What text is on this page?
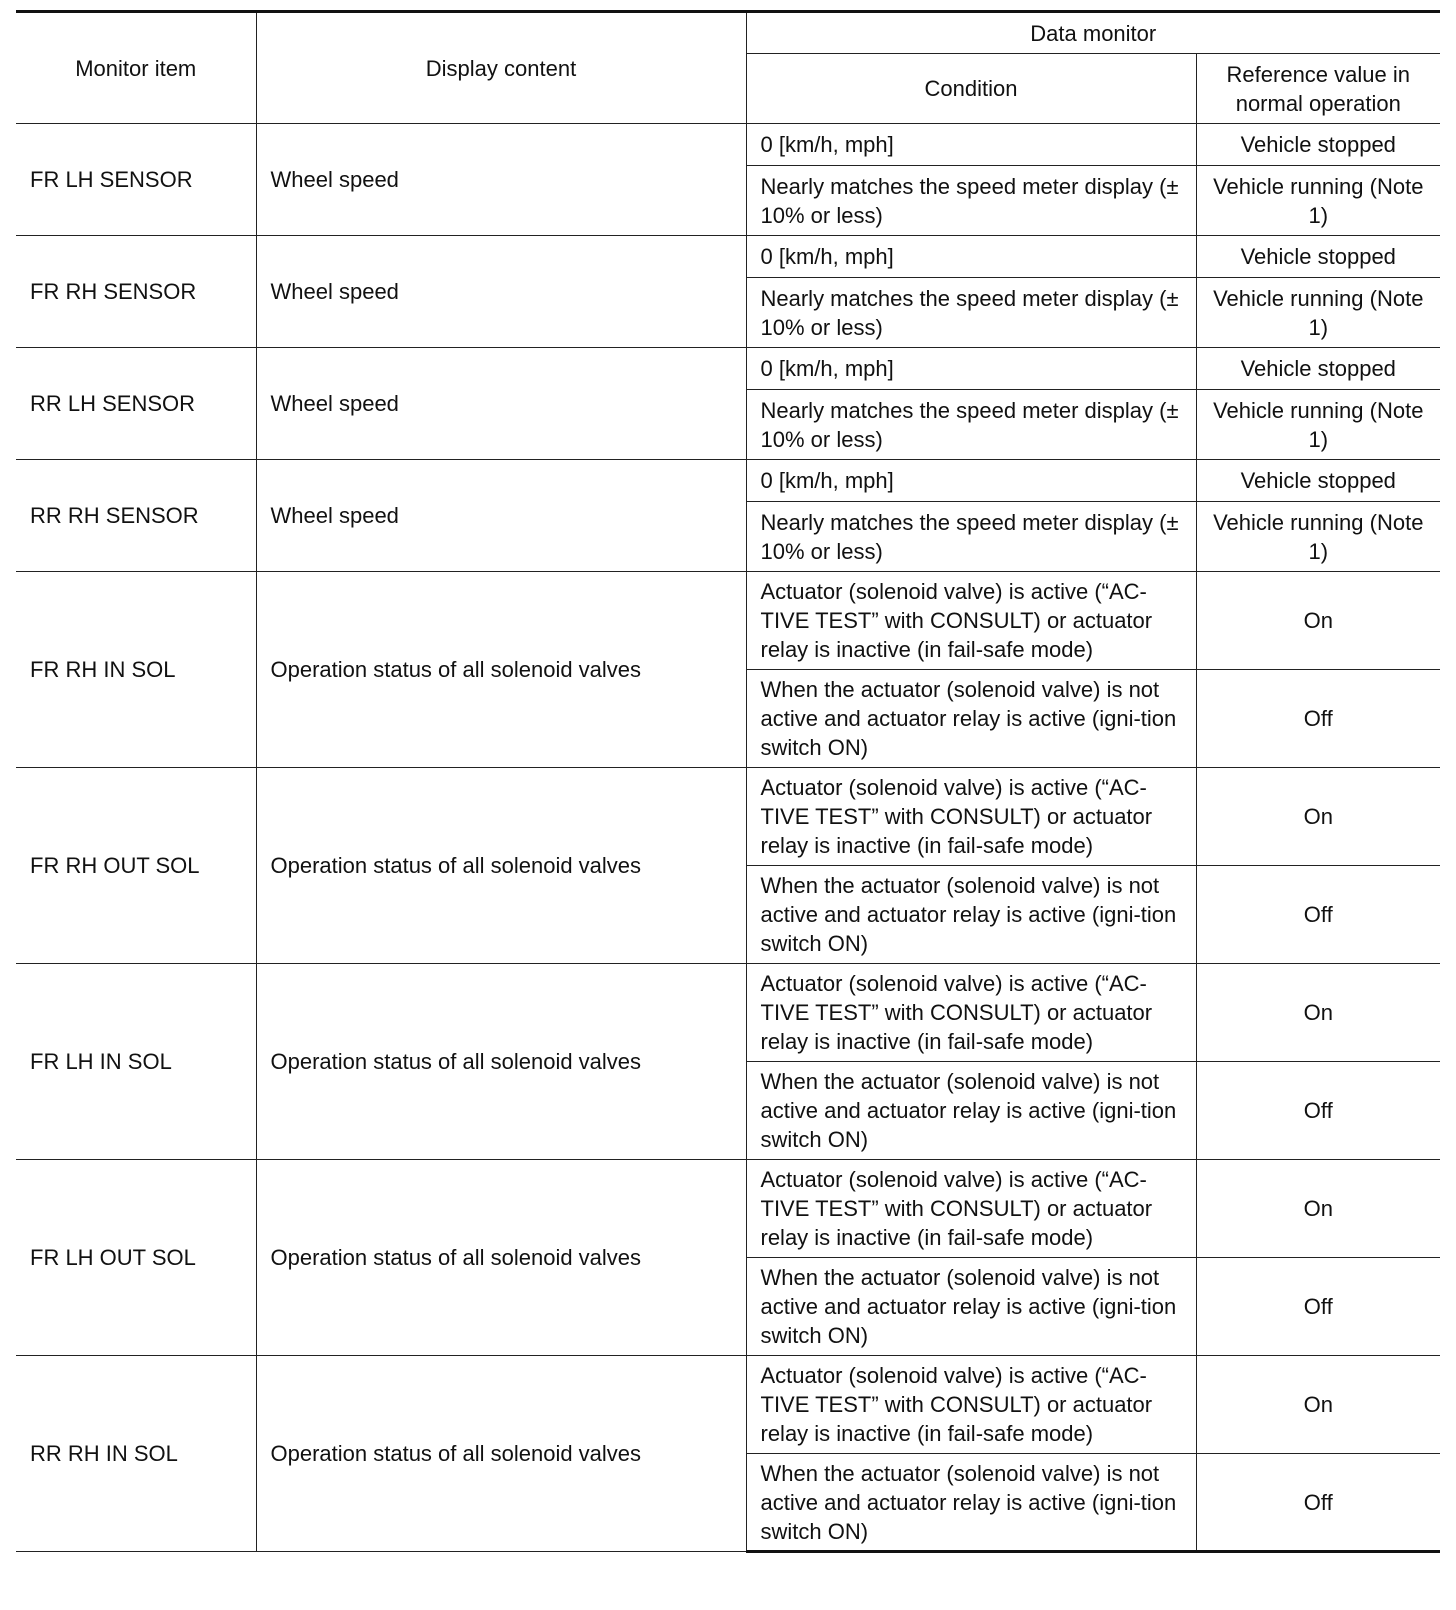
Monitor item	Display content	Data monitor	
		Condition	Reference value in normal operation
FR LH SENSOR	Wheel speed	0 [km/h, mph]	Vehicle stopped
		Nearly matches the speed meter display (± 10% or less)	Vehicle running (Note 1)
FR RH SENSOR	Wheel speed	0 [km/h, mph]	Vehicle stopped
		Nearly matches the speed meter display (± 10% or less)	Vehicle running (Note 1)
RR LH SENSOR	Wheel speed	0 [km/h, mph]	Vehicle stopped
		Nearly matches the speed meter display (± 10% or less)	Vehicle running (Note 1)
RR RH SENSOR	Wheel speed	0 [km/h, mph]	Vehicle stopped
		Nearly matches the speed meter display (± 10% or less)	Vehicle running (Note 1)
FR RH IN SOL	Operation status of all solenoid valves	Actuator (solenoid valve) is active (“AC-TIVE TEST” with CONSULT) or actuator relay is inactive (in fail-safe mode)	On
		When the actuator (solenoid valve) is not active and actuator relay is active (igni-tion switch ON)	Off
FR RH OUT SOL	Operation status of all solenoid valves	Actuator (solenoid valve) is active (“AC-TIVE TEST” with CONSULT) or actuator relay is inactive (in fail-safe mode)	On
		When the actuator (solenoid valve) is not active and actuator relay is active (igni-tion switch ON)	Off
FR LH IN SOL	Operation status of all solenoid valves	Actuator (solenoid valve) is active (“AC-TIVE TEST” with CONSULT) or actuator relay is inactive (in fail-safe mode)	On
		When the actuator (solenoid valve) is not active and actuator relay is active (igni-tion switch ON)	Off
FR LH OUT SOL	Operation status of all solenoid valves	Actuator (solenoid valve) is active (“AC-TIVE TEST” with CONSULT) or actuator relay is inactive (in fail-safe mode)	On
		When the actuator (solenoid valve) is not active and actuator relay is active (igni-tion switch ON)	Off
RR RH IN SOL	Operation status of all solenoid valves	Actuator (solenoid valve) is active (“AC-TIVE TEST” with CONSULT) or actuator relay is inactive (in fail-safe mode)	On
		When the actuator (solenoid valve) is not active and actuator relay is active (igni-tion switch ON)	Off
